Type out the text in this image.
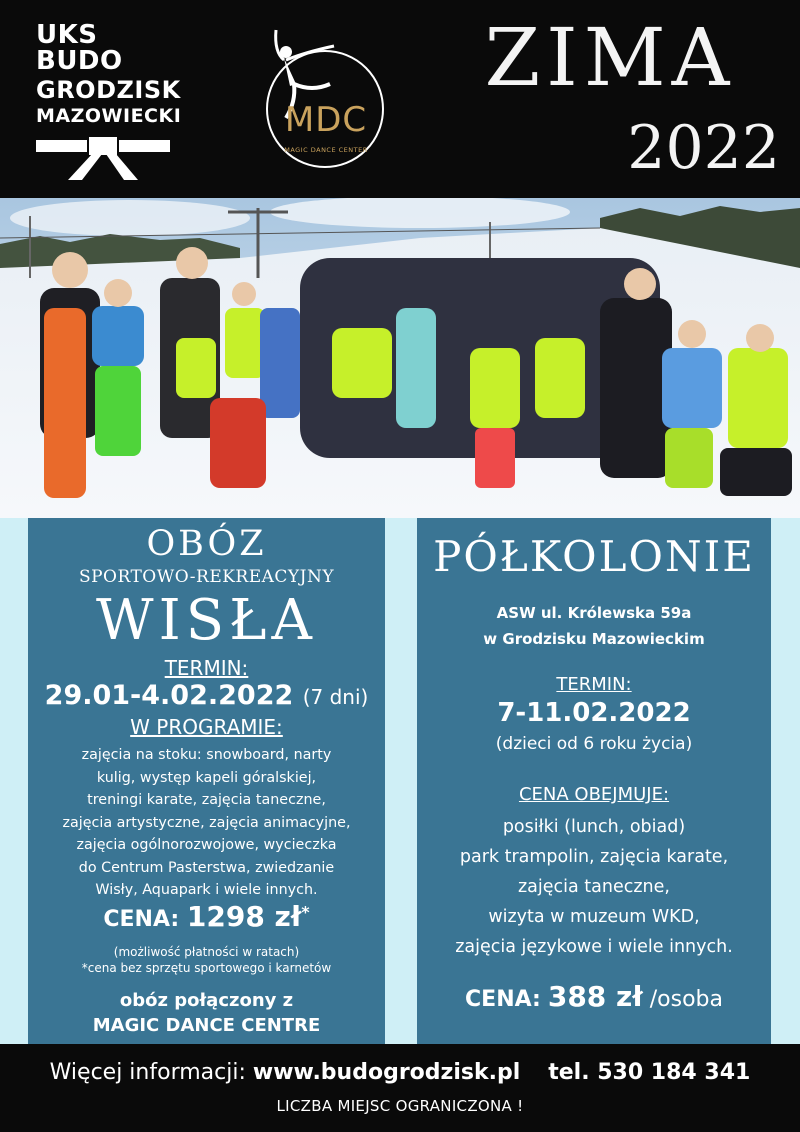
UKS BUDO
GRODZISK
MAZOWIECKI	MDC
MAGIC DANCE CENTER
ZIMA
2022
OBÓZ
SPORTOWO-REKREACYJNY
WISŁA
TERMIN:
29.01-4.02.2022 (7 dni)
W PROGRAMIE:
zajęcia na stoku: snowboard, narty
kulig, występ kapeli góralskiej,
treningi karate, zajęcia taneczne,
zajęcia artystyczne, zajęcia animacyjne,
zajęcia ogólnorozwojowe, wycieczka
do Centrum Pasterstwa, zwiedzanie
Wisły, Aquapark i wiele innych.
CENA: 1298 zł*
(możliwość płatności w ratach)
*cena bez sprzętu sportowego i karnetów
obóz połączony z
MAGIC DANCE CENTRE
PÓŁKOLONIE
ASW ul. Królewska 59a
w Grodzisku Mazowieckim
TERMIN:
7-11.02.2022
(dzieci od 6 roku życia)
CENA OBEJMUJE:
posiłki (lunch, obiad)
park trampolin, zajęcia karate,
zajęcia taneczne,
wizyta w muzeum WKD,
zajęcia językowe i wiele innych.
CENA: 388 zł /osoba
Więcej informacji: www.budogrodzisk.pl tel. 530 184 341
LICZBA MIEJSC OGRANICZONA !
